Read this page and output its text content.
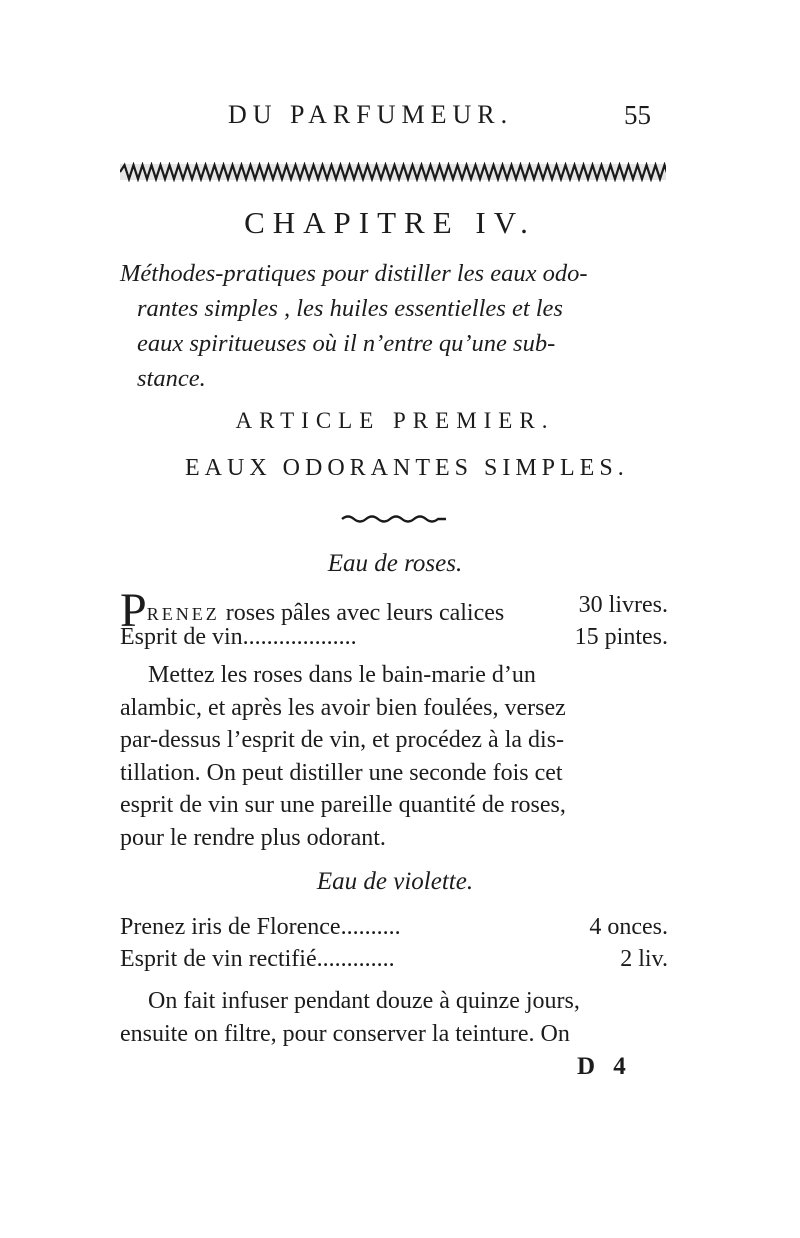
DU PARFUMEUR.	55
CHAPITRE IV.
Méthodes-pratiques pour distiller les eaux odo-
rantes simples , les huiles essentielles et les
eaux spiritueuses où il n’entre qu’une sub-
stance.
ARTICLE PREMIER.
EAUX ODORANTES SIMPLES.
Eau de roses.
PRENEZ roses pâles avec leurs calices	30 livres.
Esprit de vin...................	15 pintes.
Mettez les roses dans le bain-marie d’un
alambic, et après les avoir bien foulées, versez
par-dessus l’esprit de vin, et procédez à la dis-
tillation. On peut distiller une seconde fois cet
esprit de vin sur une pareille quantité de roses,
pour le rendre plus odorant.
Eau de violette.
Prenez iris de Florence..........	4 onces.
Esprit de vin rectifié.............	2 liv.
On fait infuser pendant douze à quinze jours,
ensuite on filtre, pour conserver la teinture. On
D 4
